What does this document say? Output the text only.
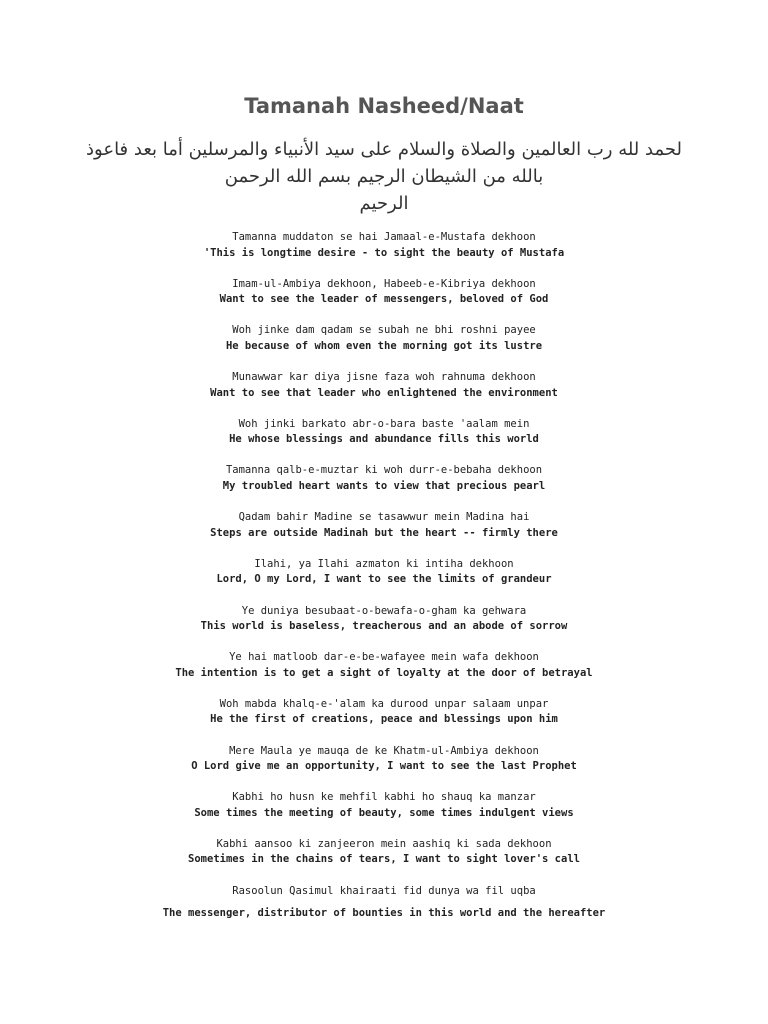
Tamanah Nasheed/Naat
لحمد لله رب العالمين والصلاة والسلام على سيد الأنبياء والمرسلين أما بعد فاعوذ
بالله من الشيطان الرجيم بسم الله الرحمن
الرحيم
Tamanna muddaton se hai Jamaal-e-Mustafa dekhoon
'This is longtime desire - to sight the beauty of Mustafa
Imam-ul-Ambiya dekhoon, Habeeb-e-Kibriya dekhoon
Want to see the leader of messengers, beloved of God
Woh jinke dam qadam se subah ne bhi roshni payee
He because of whom even the morning got its lustre
Munawwar kar diya jisne faza woh rahnuma dekhoon
Want to see that leader who enlightened the environment
Woh jinki barkato abr-o-bara baste 'aalam mein
He whose blessings and abundance fills this world
Tamanna qalb-e-muztar ki woh durr-e-bebaha dekhoon
My troubled heart wants to view that precious pearl
Qadam bahir Madine se tasawwur mein Madina hai
Steps are outside Madinah but the heart -- firmly there
Ilahi, ya Ilahi azmaton ki intiha dekhoon
Lord, O my Lord, I want to see the limits of grandeur
Ye duniya besubaat-o-bewafa-o-gham ka gehwara
This world is baseless, treacherous and an abode of sorrow
Ye hai matloob dar-e-be-wafayee mein wafa dekhoon
The intention is to get a sight of loyalty at the door of betrayal
Woh mabda khalq-e-'alam ka durood unpar salaam unpar
He the first of creations, peace and blessings upon him
Mere Maula ye mauqa de ke Khatm-ul-Ambiya dekhoon
O Lord give me an opportunity, I want to see the last Prophet
Kabhi ho husn ke mehfil kabhi ho shauq ka manzar
Some times the meeting of beauty, some times indulgent views
Kabhi aansoo ki zanjeeron mein aashiq ki sada dekhoon
Sometimes in the chains of tears, I want to sight lover's call
Rasoolun Qasimul khairaati fid dunya wa fil uqba
The messenger, distributor of bounties in this world and the hereafter
